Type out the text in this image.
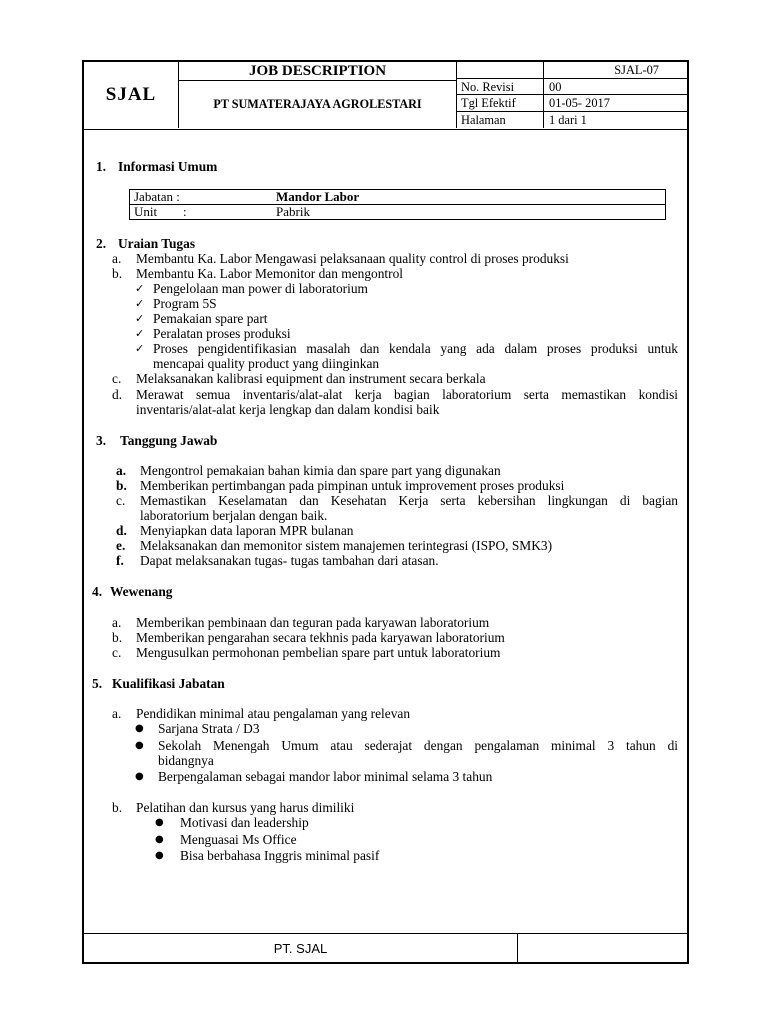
SJAL
JOB DESCRIPTION
PT SUMATERAJAYA AGROLESTARI
SJAL-07
No. Revisi	00
Tgl Efektif	01-05- 2017
Halaman	1 dari 1
1. Informasi Umum
Jabatan :	Mandor Labor
Unit :	Pabrik
2. Uraian Tugas
a. Membantu Ka. Labor Mengawasi pelaksanaan quality control di proses produksi
b. Membantu Ka. Labor Memonitor dan mengontrol
✓ Pengelolaan man power di laboratorium
✓ Program 5S
✓ Pemakaian spare part
✓ Peralatan proses produksi
✓ Proses pengidentifikasian masalah dan kendala yang ada dalam proses produksi untuk
mencapai quality product yang diinginkan
c. Melaksanakan kalibrasi equipment dan instrument secara berkala
d. Merawat semua inventaris/alat-alat kerja bagian laboratorium serta memastikan kondisi
inventaris/alat-alat kerja lengkap dan dalam kondisi baik
3. Tanggung Jawab
a. Mengontrol pemakaian bahan kimia dan spare part yang digunakan
b. Memberikan pertimbangan pada pimpinan untuk improvement proses produksi
c. Memastikan Keselamatan dan Kesehatan Kerja serta kebersihan lingkungan di bagian
laboratorium berjalan dengan baik.
d. Menyiapkan data laporan MPR bulanan
e. Melaksanakan dan memonitor sistem manajemen terintegrasi (ISPO, SMK3)
f. Dapat melaksanakan tugas- tugas tambahan dari atasan.
4. Wewenang
a. Memberikan pembinaan dan teguran pada karyawan laboratorium
b. Memberikan pengarahan secara tekhnis pada karyawan laboratorium
c. Mengusulkan permohonan pembelian spare part untuk laboratorium
5. Kualifikasi Jabatan
a. Pendidikan minimal atau pengalaman yang relevan
● Sarjana Strata / D3
● Sekolah Menengah Umum atau sederajat dengan pengalaman minimal 3 tahun di
bidangnya
● Berpengalaman sebagai mandor labor minimal selama 3 tahun
b. Pelatihan dan kursus yang harus dimiliki
● Motivasi dan leadership
● Menguasai Ms Office
● Bisa berbahasa Inggris minimal pasif
PT. SJAL
